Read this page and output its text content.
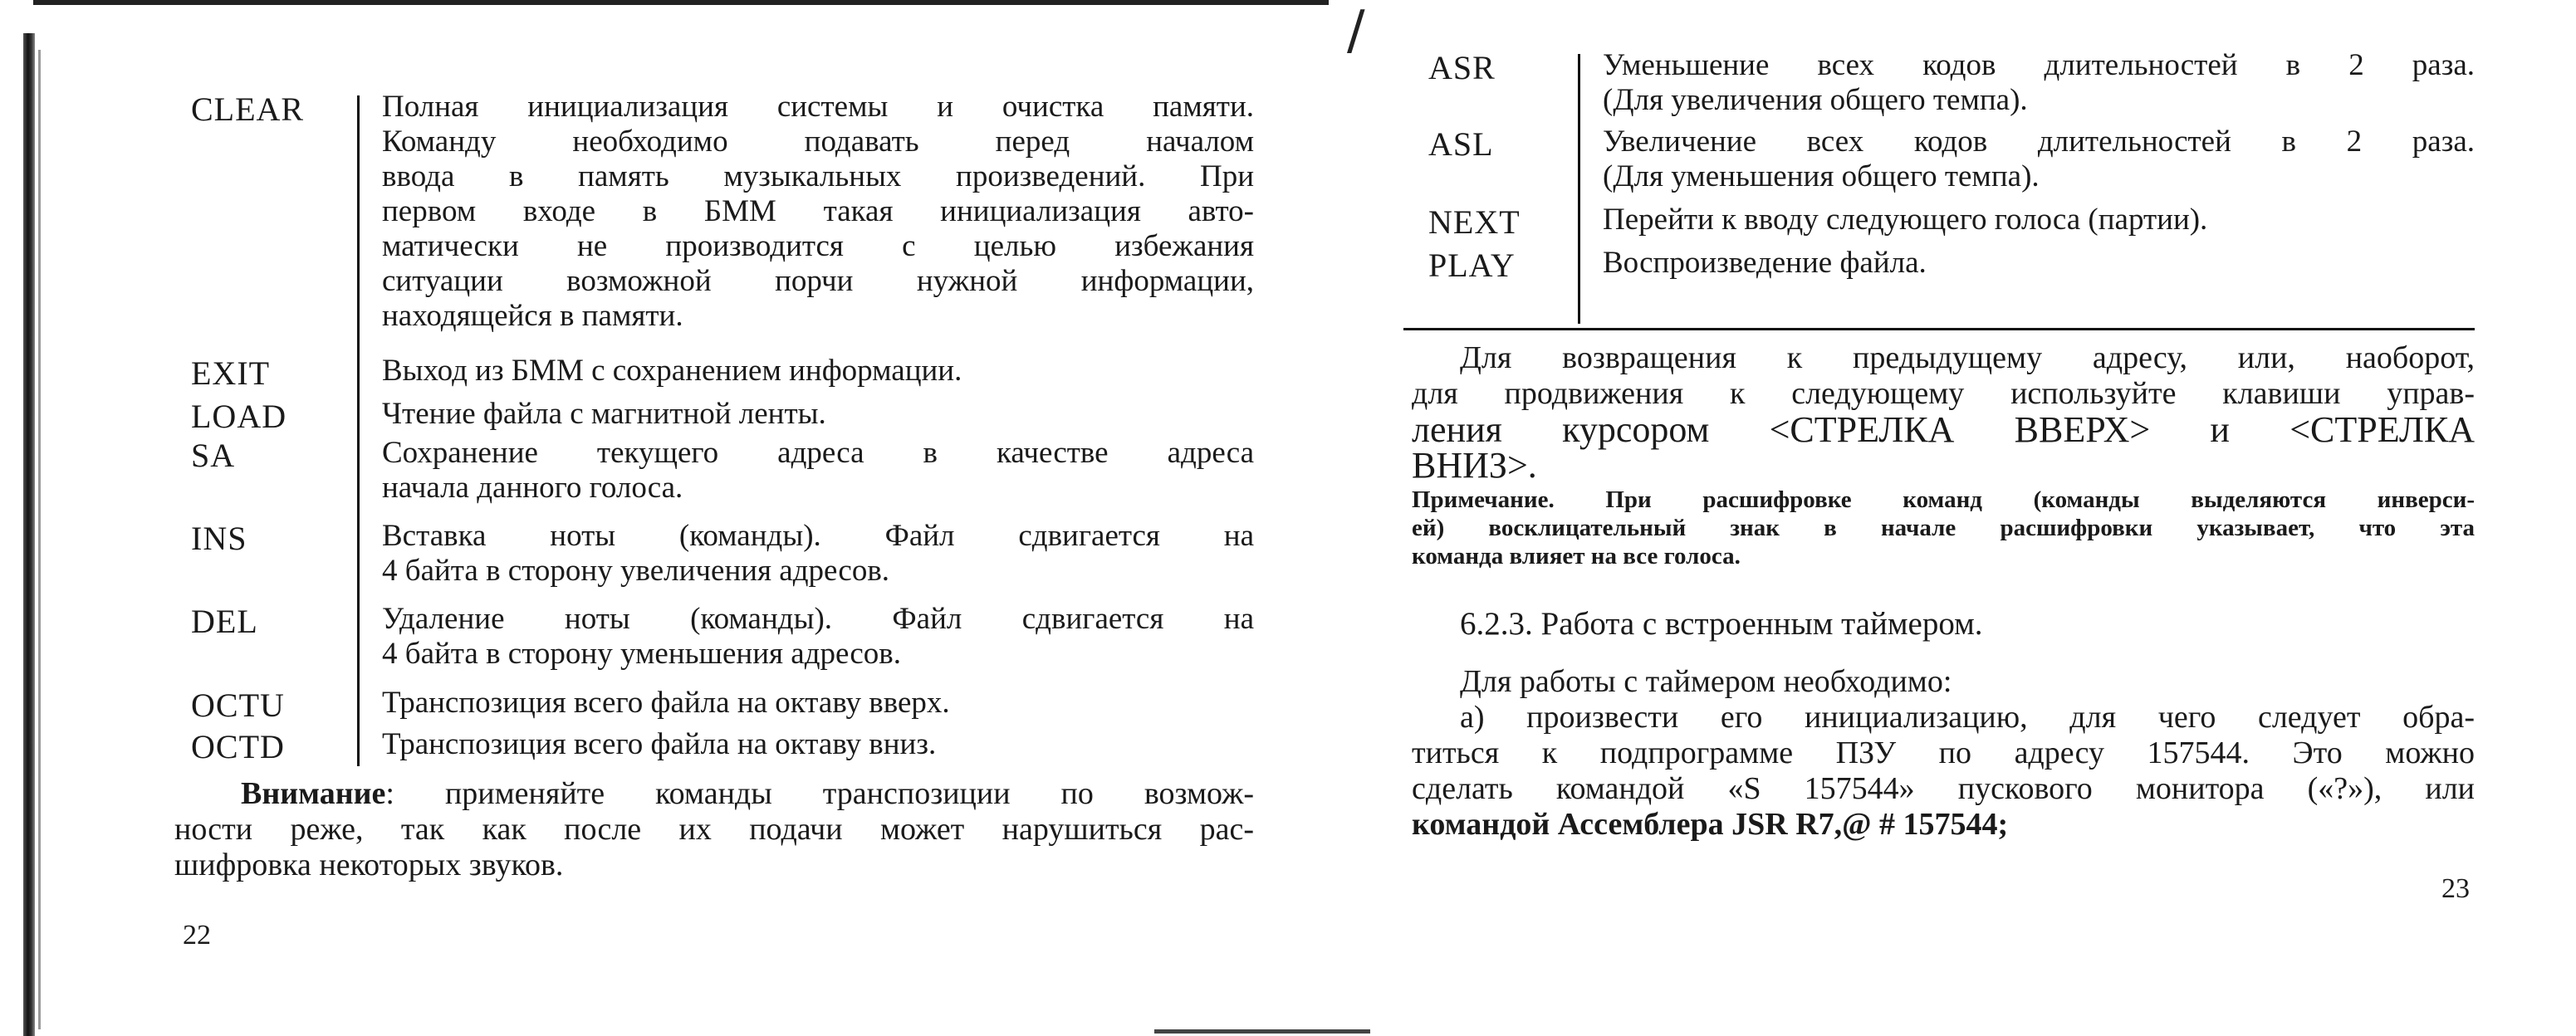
/
CLEAR	Полная инициализация системы и очистка памяти.
Команду необходимо подавать перед началом
ввода в память музыкальных произведений. При
первом входе в БММ такая инициализация авто-
матически не производится с целью избежания
ситуации возможной порчи нужной информации,
находящейся в памяти.
EXIT	Выход из БММ с сохранением информации.
LOAD	Чтение файла с магнитной ленты.
SA	Сохранение текущего адреса в качестве адреса
начала данного голоса.
INS	Вставка ноты (команды). Файл сдвигается на
4 байта в сторону увеличения адресов.
DEL	Удаление ноты (команды). Файл сдвигается на
4 байта в сторону уменьшения адресов.
OCTU	Транспозиция всего файла на октаву вверх.
OCTD	Транспозиция всего файла на октаву вниз.
Внимание: применяйте команды транспозиции по возмож-
ности реже, так как после их подачи может нарушиться рас-
шифровка некоторых звуков.
22
ASR	Уменьшение всех кодов длительностей в 2 раза.
(Для увеличения общего темпа).
ASL	Увеличение всех кодов длительностей в 2 раза.
(Для уменьшения общего темпа).
NEXT	Перейти к вводу следующего голоса (партии).
PLAY	Воспроизведение файла.
Для возвращения к предыдущему адресу, или, наоборот,
для продвижения к следующему используйте клавиши управ-
ления курсором <СТРЕЛКА ВВЕРХ> и <СТРЕЛКА
ВНИЗ>.
Примечание. При расшифровке команд (команды выделяются инверси-
ей) восклицательный знак в начале расшифровки указывает, что эта
команда влияет на все голоса.
6.2.3. Работа с встроенным таймером.
Для работы с таймером необходимо:
а) произвести его инициализацию, для чего следует обра-
титься к подпрограмме ПЗУ по адресу 157544. Это можно
сделать командой «S 157544» пускового монитора («?»), или
командой Ассемблера JSR R7,@ # 157544;
23
